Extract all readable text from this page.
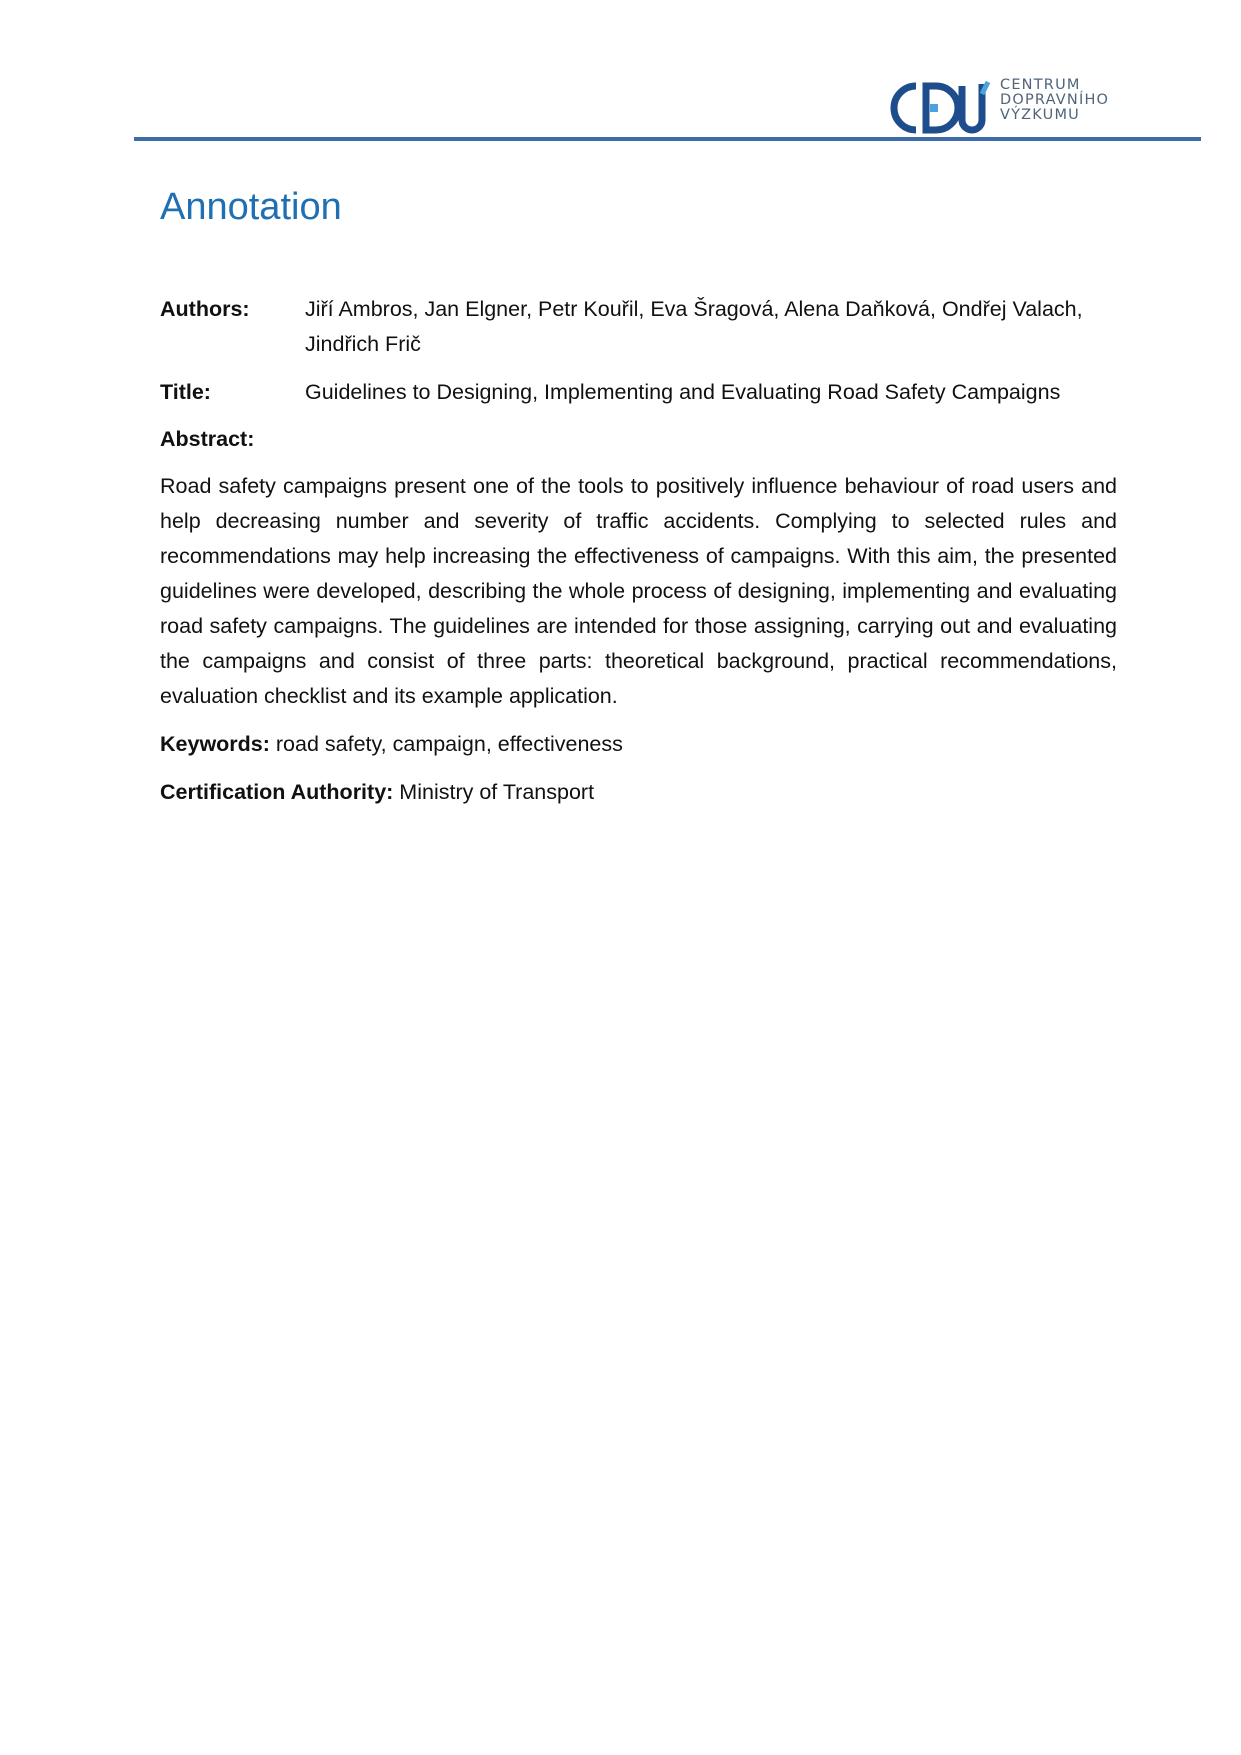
CENTRUM
DOPRAVNÍHO
VÝZKUMU
Annotation
Authors:	Jiří Ambros, Jan Elgner, Petr Kouřil, Eva Šragová, Alena Daňková, Ondřej Valach,
Jindřich Frič
Title:	Guidelines to Designing, Implementing and Evaluating Road Safety Campaigns
Abstract:
Road safety campaigns present one of the tools to positively influence behaviour of road users and help decreasing number and severity of traffic accidents. Complying to selected rules and recommendations may help increasing the effectiveness of campaigns. With this aim, the presented guidelines were developed, describing the whole process of designing, implementing and evaluating road safety campaigns. The guidelines are intended for those assigning, carrying out and evaluating the campaigns and consist of three parts: theoretical background, practical recommendations, evaluation checklist and its example application.
Keywords: road safety, campaign, effectiveness
Certification Authority: Ministry of Transport
